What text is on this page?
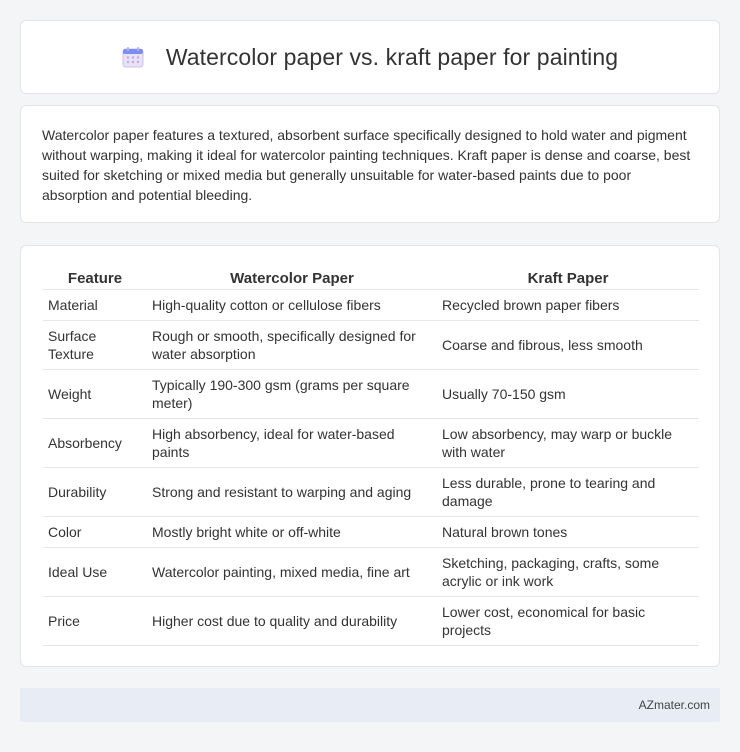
Watercolor paper vs. kraft paper for painting

Watercolor paper features a textured, absorbent surface specifically designed to hold water and pigment without warping, making it ideal for watercolor painting techniques. Kraft paper is dense and coarse, best suited for sketching or mixed media but generally unsuitable for water-based paints due to poor absorption and potential bleeding.

Feature	Watercolor Paper	Kraft Paper
Material	High-quality cotton or cellulose fibers	Recycled brown paper fibers
Surface Texture	Rough or smooth, specifically designed for water absorption	Coarse and fibrous, less smooth
Weight	Typically 190-300 gsm (grams per square meter)	Usually 70-150 gsm
Absorbency	High absorbency, ideal for water-based paints	Low absorbency, may warp or buckle with water
Durability	Strong and resistant to warping and aging	Less durable, prone to tearing and damage
Color	Mostly bright white or off-white	Natural brown tones
Ideal Use	Watercolor painting, mixed media, fine art	Sketching, packaging, crafts, some acrylic or ink work
Price	Higher cost due to quality and durability	Lower cost, economical for basic projects
AZmater.com
